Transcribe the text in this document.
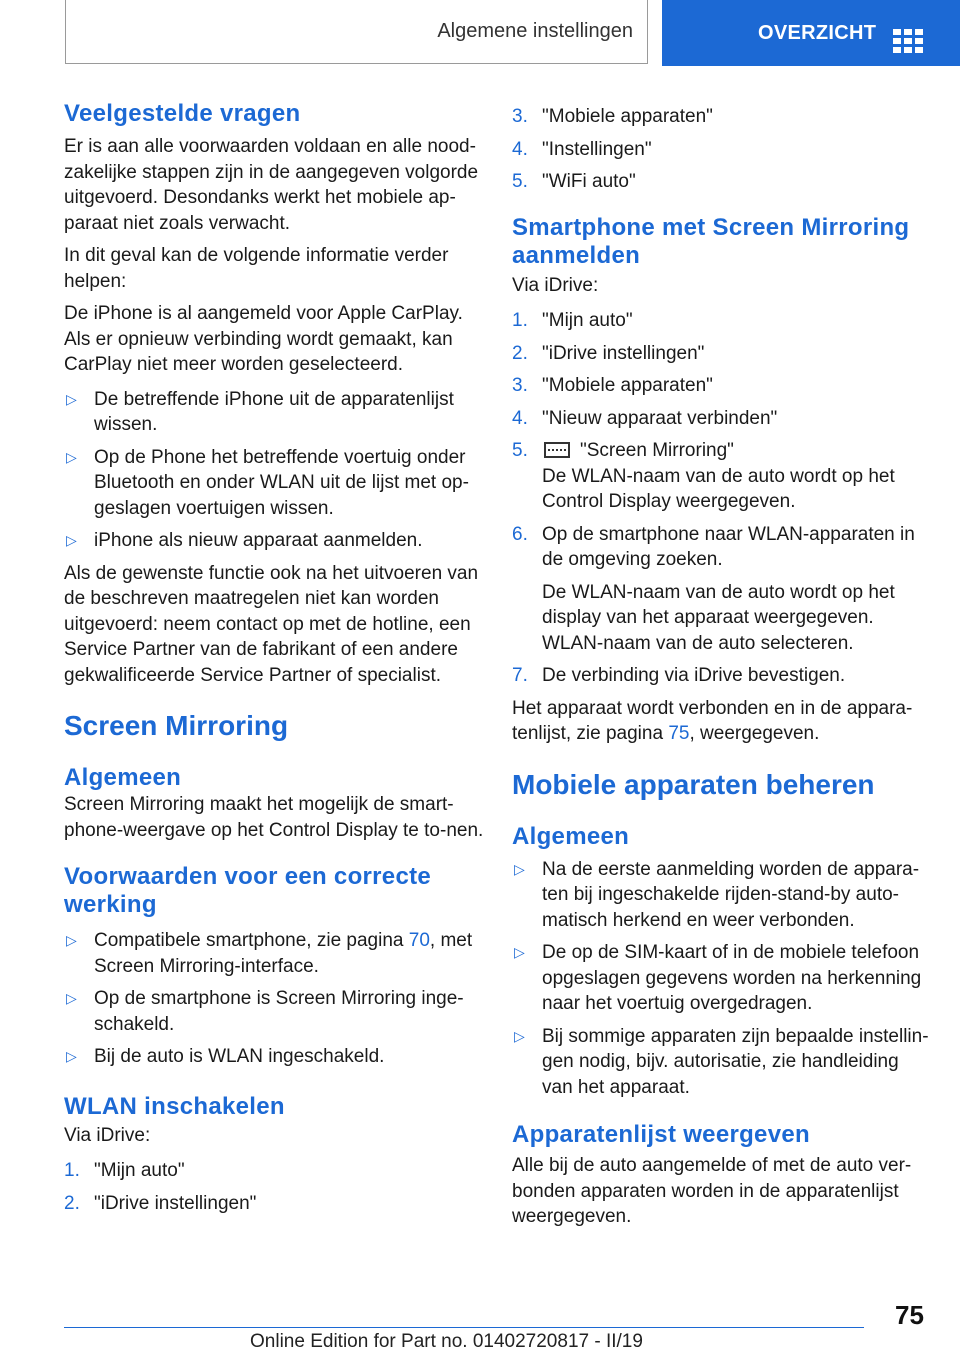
Algemene instellingen	OVERZICHT
Veelgestelde vragen

Er is aan alle voorwaarden voldaan en alle nood-zakelijke stappen zijn in de aangegeven volgorde uitgevoerd. Desondanks werkt het mobiele ap-paraat niet zoals verwacht.

In dit geval kan de volgende informatie verder helpen:

De iPhone is al aangemeld voor Apple CarPlay. Als er opnieuw verbinding wordt gemaakt, kan CarPlay niet meer worden geselecteerd.

▷ De betreffende iPhone uit de apparatenlijst wissen.
▷ Op de Phone het betreffende voertuig onder Bluetooth en onder WLAN uit de lijst met op-geslagen voertuigen wissen.
▷ iPhone als nieuw apparaat aanmelden.

Als de gewenste functie ook na het uitvoeren van de beschreven maatregelen niet kan worden uitgevoerd: neem contact op met de hotline, een Service Partner van de fabrikant of een andere gekwalificeerde Service Partner of specialist.

Screen Mirroring
Algemeen

Screen Mirroring maakt het mogelijk de smart-phone-weergave op het Control Display te to-nen.

Voorwaarden voor een correcte werking
▷ Compatibele smartphone, zie pagina 70, met Screen Mirroring-interface.
▷ Op de smartphone is Screen Mirroring inge-schakeld.
▷ Bij de auto is WLAN ingeschakeld.
WLAN inschakelen

Via iDrive:

1. "Mijn auto"
2. "iDrive instellingen"
3. "Mobiele apparaten"
4. "Instellingen"
5. "WiFi auto"
Smartphone met Screen Mirroring aanmelden

Via iDrive:

1. "Mijn auto"
2. "iDrive instellingen"
3. "Mobiele apparaten"
4. "Nieuw apparaat verbinden"
5.	"Screen Mirroring"
De WLAN-naam van de auto wordt op het Control Display weergegeven.
6. Op de smartphone naar WLAN-apparaten in de omgeving zoeken.
De WLAN-naam van de auto wordt op het display van het apparaat weergegeven.
WLAN-naam van de auto selecteren.
7. De verbinding via iDrive bevestigen.

Het apparaat wordt verbonden en in de appara-tenlijst, zie pagina 75, weergegeven.

Mobiele apparaten beheren
Algemeen
▷ Na de eerste aanmelding worden de appara-ten bij ingeschakelde rijden-stand-by auto-matisch herkend en weer verbonden.
▷ De op de SIM-kaart of in de mobiele telefoon opgeslagen gegevens worden na herkenning naar het voertuig overgedragen.
▷ Bij sommige apparaten zijn bepaalde instellin-gen nodig, bijv. autorisatie, zie handleiding van het apparaat.
Apparatenlijst weergeven

Alle bij de auto aangemelde of met de auto ver-bonden apparaten worden in de apparatenlijst weergegeven.

75
Online Edition for Part no. 01402720817 - II/19
